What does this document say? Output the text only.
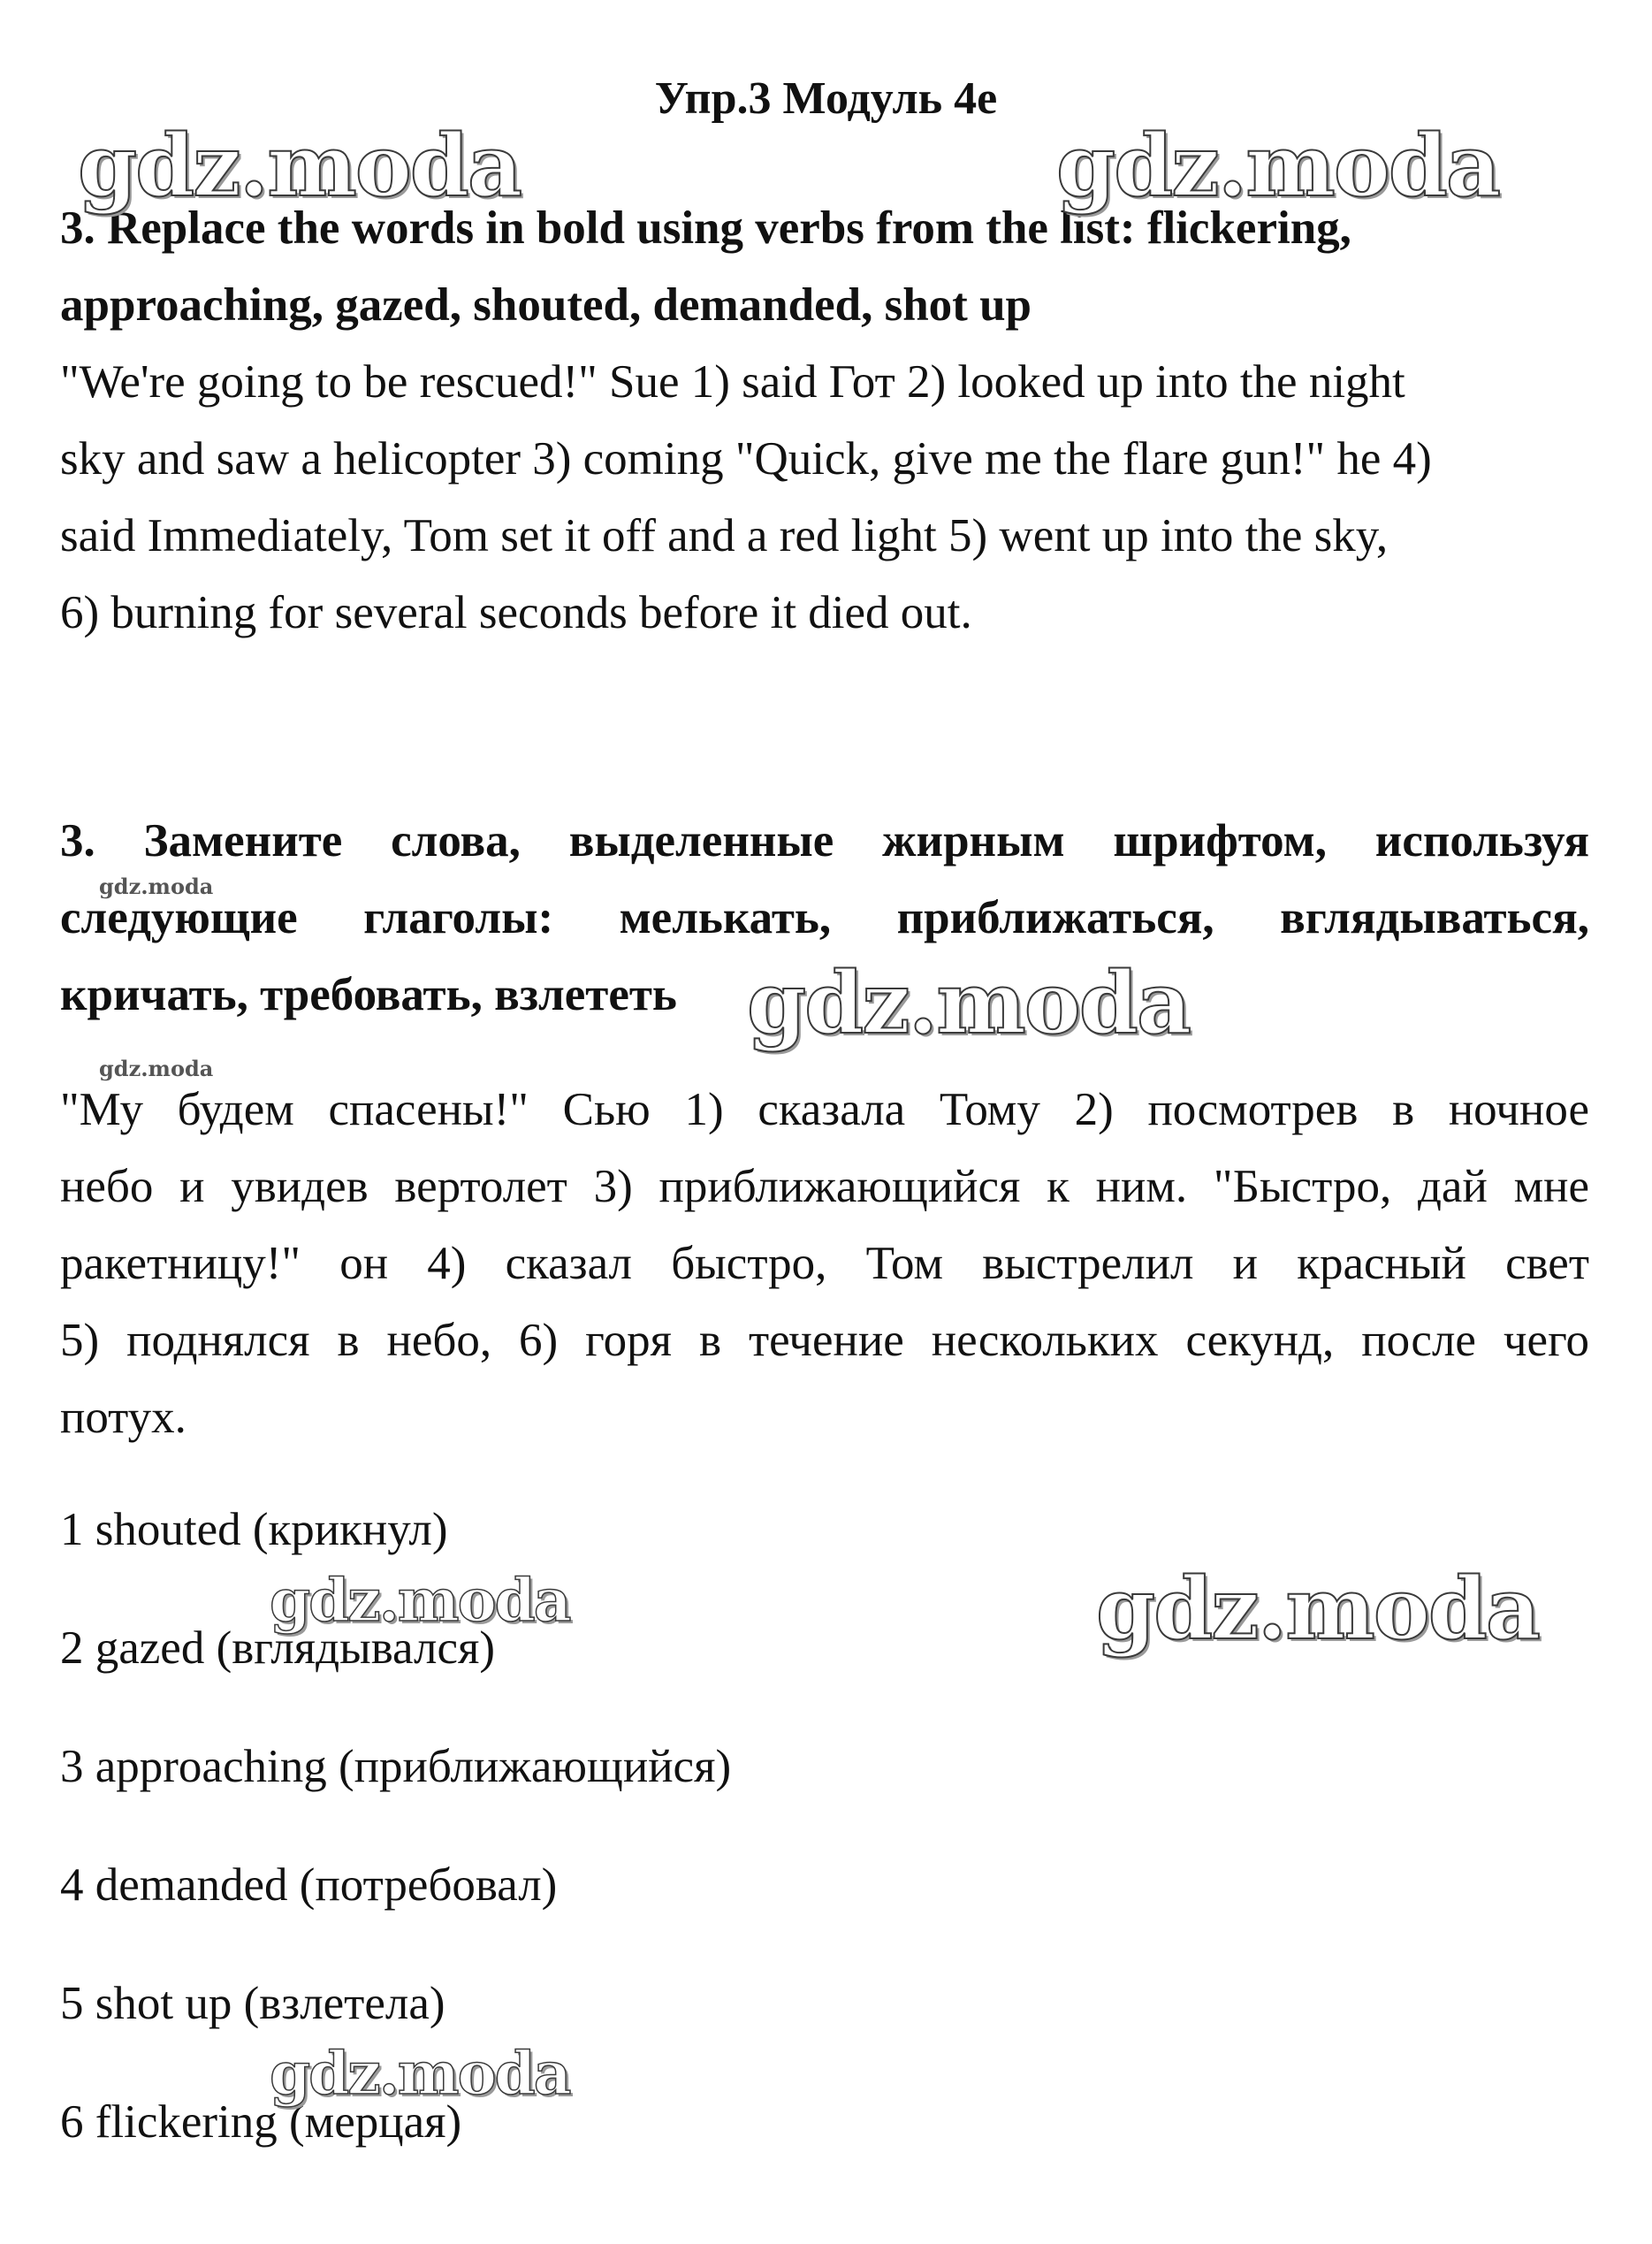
Упр.3 Модуль 4е
3. Replace the words in bold using verbs from the list: flickering,
approaching, gazed, shouted, demanded, shot up
"We're going to be rescued!" Sue 1) said Гот 2) looked up into the night
sky and saw a helicopter 3) coming "Quick, give me the flare gun!" he 4)
said Immediately, Tom set it off and a red light 5) went up into the sky,
6) burning for several seconds before it died out.
3. Замените слова, выделенные жирным шрифтом, используя
следующие глаголы: мелькать, приближаться, вглядываться,
кричать, требовать, взлететь
"Му будем спасены!" Сью 1) сказала Тому 2) посмотрев в ночное
небо и увидев вертолет 3) приближающийся к ним. "Быстро, дай мне
ракетницу!" он 4) сказал быстро, Том выстрелил и красный свет
5) поднялся в небо, 6) горя в течение нескольких секунд, после чего
потух.
1 shouted (крикнул)
2 gazed (вглядывался)
3 approaching (приближающийся)
4 demanded (потребовал)
5 shot up (взлетела)
6 flickering (мерцая)
gdz.moda	gdz.moda
gdz.moda
gdz.moda
gdz.moda
gdz.moda	gdz.moda
gdz.moda
